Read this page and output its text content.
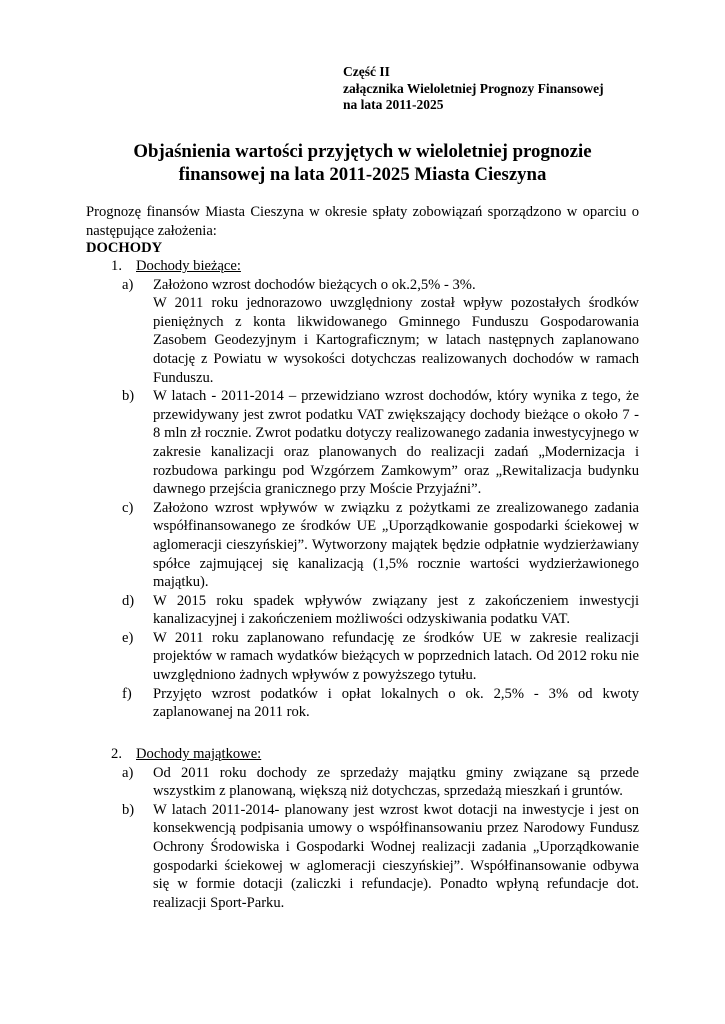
Część II
załącznika Wieloletniej Prognozy Finansowej
na lata 2011-2025
Objaśnienia wartości przyjętych w wieloletniej prognozie
finansowej na lata 2011-2025 Miasta Cieszyna
Prognozę finansów Miasta Cieszyna w okresie spłaty zobowiązań sporządzono w oparciu o następujące założenia:
DOCHODY
1. Dochody bieżące:
a)	Założono wzrost dochodów bieżących o ok.2,5% - 3%.

W 2011 roku jednorazowo uwzględniony został wpływ pozostałych środków pieniężnych z konta likwidowanego Gminnego Funduszu Gospodarowania Zasobem Geodezyjnym i Kartograficznym; w latach następnych zaplanowano dotację z Powiatu w wysokości dotychczas realizowanych dochodów w ramach Funduszu.

b)	W latach - 2011-2014 – przewidziano wzrost dochodów, który wynika z tego, że przewidywany jest zwrot podatku VAT zwiększający dochody bieżące o około 7 - 8 mln zł rocznie. Zwrot podatku dotyczy realizowanego zadania inwestycyjnego w zakresie kanalizacji oraz planowanych do realizacji zadań „Modernizacja i rozbudowa parkingu pod Wzgórzem Zamkowym” oraz „Rewitalizacja budynku dawnego przejścia granicznego przy Moście Przyjaźni”.

c)	Założono wzrost wpływów w związku z pożytkami ze zrealizowanego zadania współfinansowanego ze środków UE „Uporządkowanie gospodarki ściekowej w aglomeracji cieszyńskiej”. Wytworzony majątek będzie odpłatnie wydzierżawiany spółce zajmującej się kanalizacją (1,5% rocznie wartości wydzierżawionego majątku).

d)	W 2015 roku spadek wpływów związany jest z zakończeniem inwestycji kanalizacyjnej i zakończeniem możliwości odzyskiwania podatku VAT.

e)	W 2011 roku zaplanowano refundację ze środków UE w zakresie realizacji projektów w ramach wydatków bieżących w poprzednich latach. Od 2012 roku nie uwzględniono żadnych wpływów z powyższego tytułu.

f)	Przyjęto wzrost podatków i opłat lokalnych o ok. 2,5% - 3% od kwoty zaplanowanej na 2011 rok.

2. Dochody majątkowe:
a)	Od 2011 roku dochody ze sprzedaży majątku gminy związane są przede wszystkim z planowaną, większą niż dotychczas, sprzedażą mieszkań i gruntów.

b)	W latach 2011-2014- planowany jest wzrost kwot dotacji na inwestycje i jest on konsekwencją podpisania umowy o współfinansowaniu przez Narodowy Fundusz Ochrony Środowiska i Gospodarki Wodnej realizacji zadania „Uporządkowanie gospodarki ściekowej w aglomeracji cieszyńskiej”. Współfinansowanie odbywa się w formie dotacji (zaliczki i refundacje). Ponadto wpłyną refundacje dot. realizacji Sport-Parku.
